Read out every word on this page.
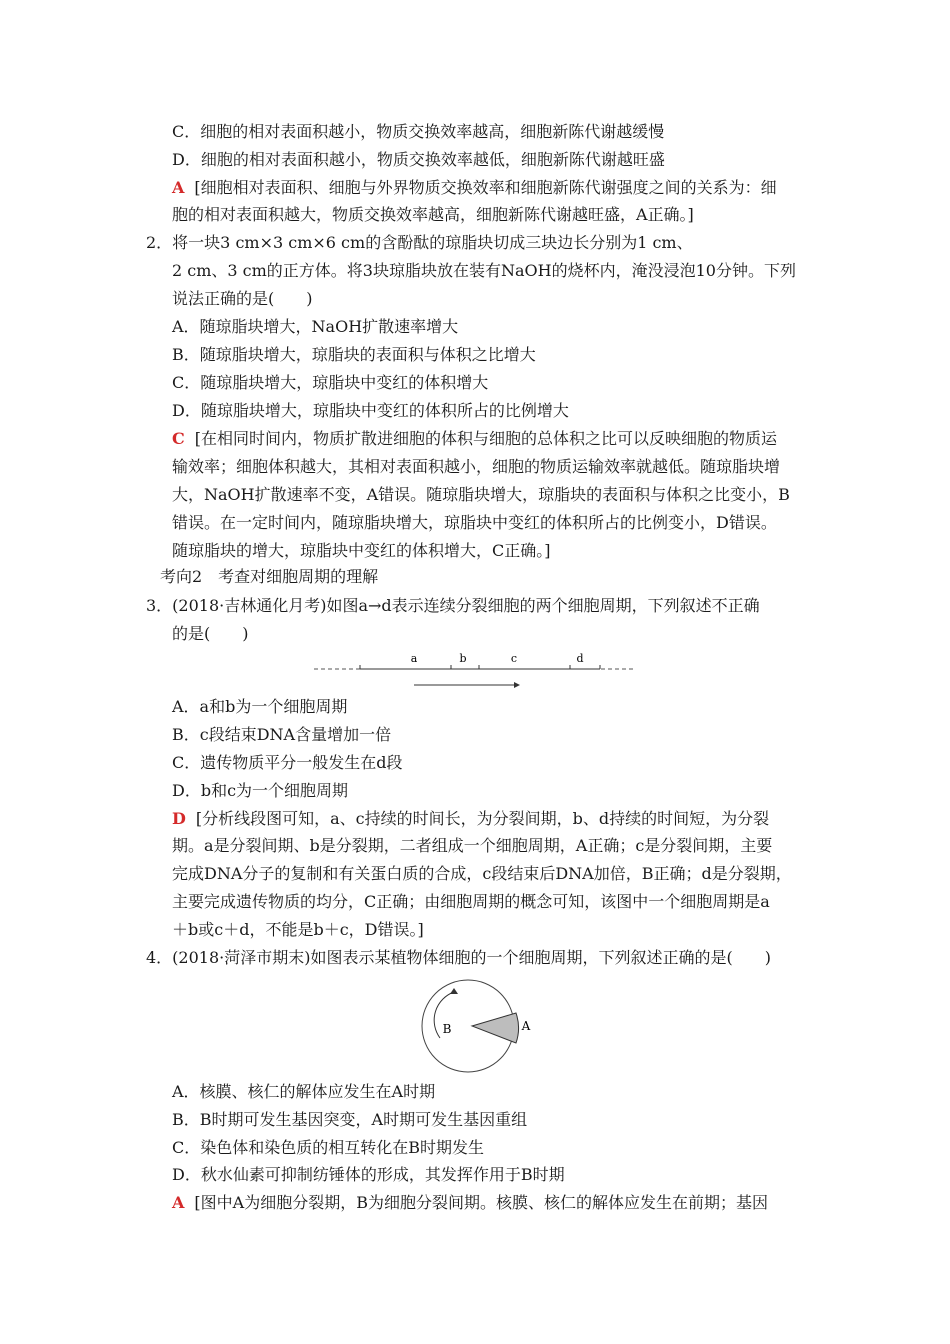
C．细胞的相对表面积越小，物质交换效率越高，细胞新陈代谢越缓慢
D．细胞的相对表面积越小，物质交换效率越低，细胞新陈代谢越旺盛
A [细胞相对表面积、细胞与外界物质交换效率和细胞新陈代谢强度之间的关系为：细
胞的相对表面积越大，物质交换效率越高，细胞新陈代谢越旺盛，A正确。]
2．将一块3 cm×3 cm×6 cm的含酚酞的琼脂块切成三块边长分别为1 cm、
2 cm、3 cm的正方体。将3块琼脂块放在装有NaOH的烧杯内，淹没浸泡10分钟。下列
说法正确的是(　　)
A．随琼脂块增大，NaOH扩散速率增大
B．随琼脂块增大，琼脂块的表面积与体积之比增大
C．随琼脂块增大，琼脂块中变红的体积增大
D．随琼脂块增大，琼脂块中变红的体积所占的比例增大
C [在相同时间内，物质扩散进细胞的体积与细胞的总体积之比可以反映细胞的物质运
输效率；细胞体积越大，其相对表面积越小，细胞的物质运输效率就越低。随琼脂块增
大，NaOH扩散速率不变，A错误。随琼脂块增大，琼脂块的表面积与体积之比变小，B
错误。在一定时间内，随琼脂块增大，琼脂块中变红的体积所占的比例变小，D错误。
随琼脂块的增大，琼脂块中变红的体积增大，C正确。]
考向2　考查对细胞周期的理解
3．(2018·吉林通化月考)如图a→d表示连续分裂细胞的两个细胞周期，下列叙述不正确
的是(　　)
a	b	c	d
A．a和b为一个细胞周期
B．c段结束DNA含量增加一倍
C．遗传物质平分一般发生在d段
D．b和c为一个细胞周期
D [分析线段图可知，a、c持续的时间长，为分裂间期，b、d持续的时间短，为分裂
期。a是分裂间期、b是分裂期，二者组成一个细胞周期，A正确；c是分裂间期，主要
完成DNA分子的复制和有关蛋白质的合成，c段结束后DNA加倍，B正确；d是分裂期，
主要完成遗传物质的均分，C正确；由细胞周期的概念可知，该图中一个细胞周期是a
＋b或c＋d，不能是b＋c，D错误。]
4．(2018·菏泽市期末)如图表示某植物体细胞的一个细胞周期，下列叙述正确的是(　　)
B	A
A．核膜、核仁的解体应发生在A时期
B．B时期可发生基因突变，A时期可发生基因重组
C．染色体和染色质的相互转化在B时期发生
D．秋水仙素可抑制纺锤体的形成，其发挥作用于B时期
A [图中A为细胞分裂期，B为细胞分裂间期。核膜、核仁的解体应发生在前期；基因
